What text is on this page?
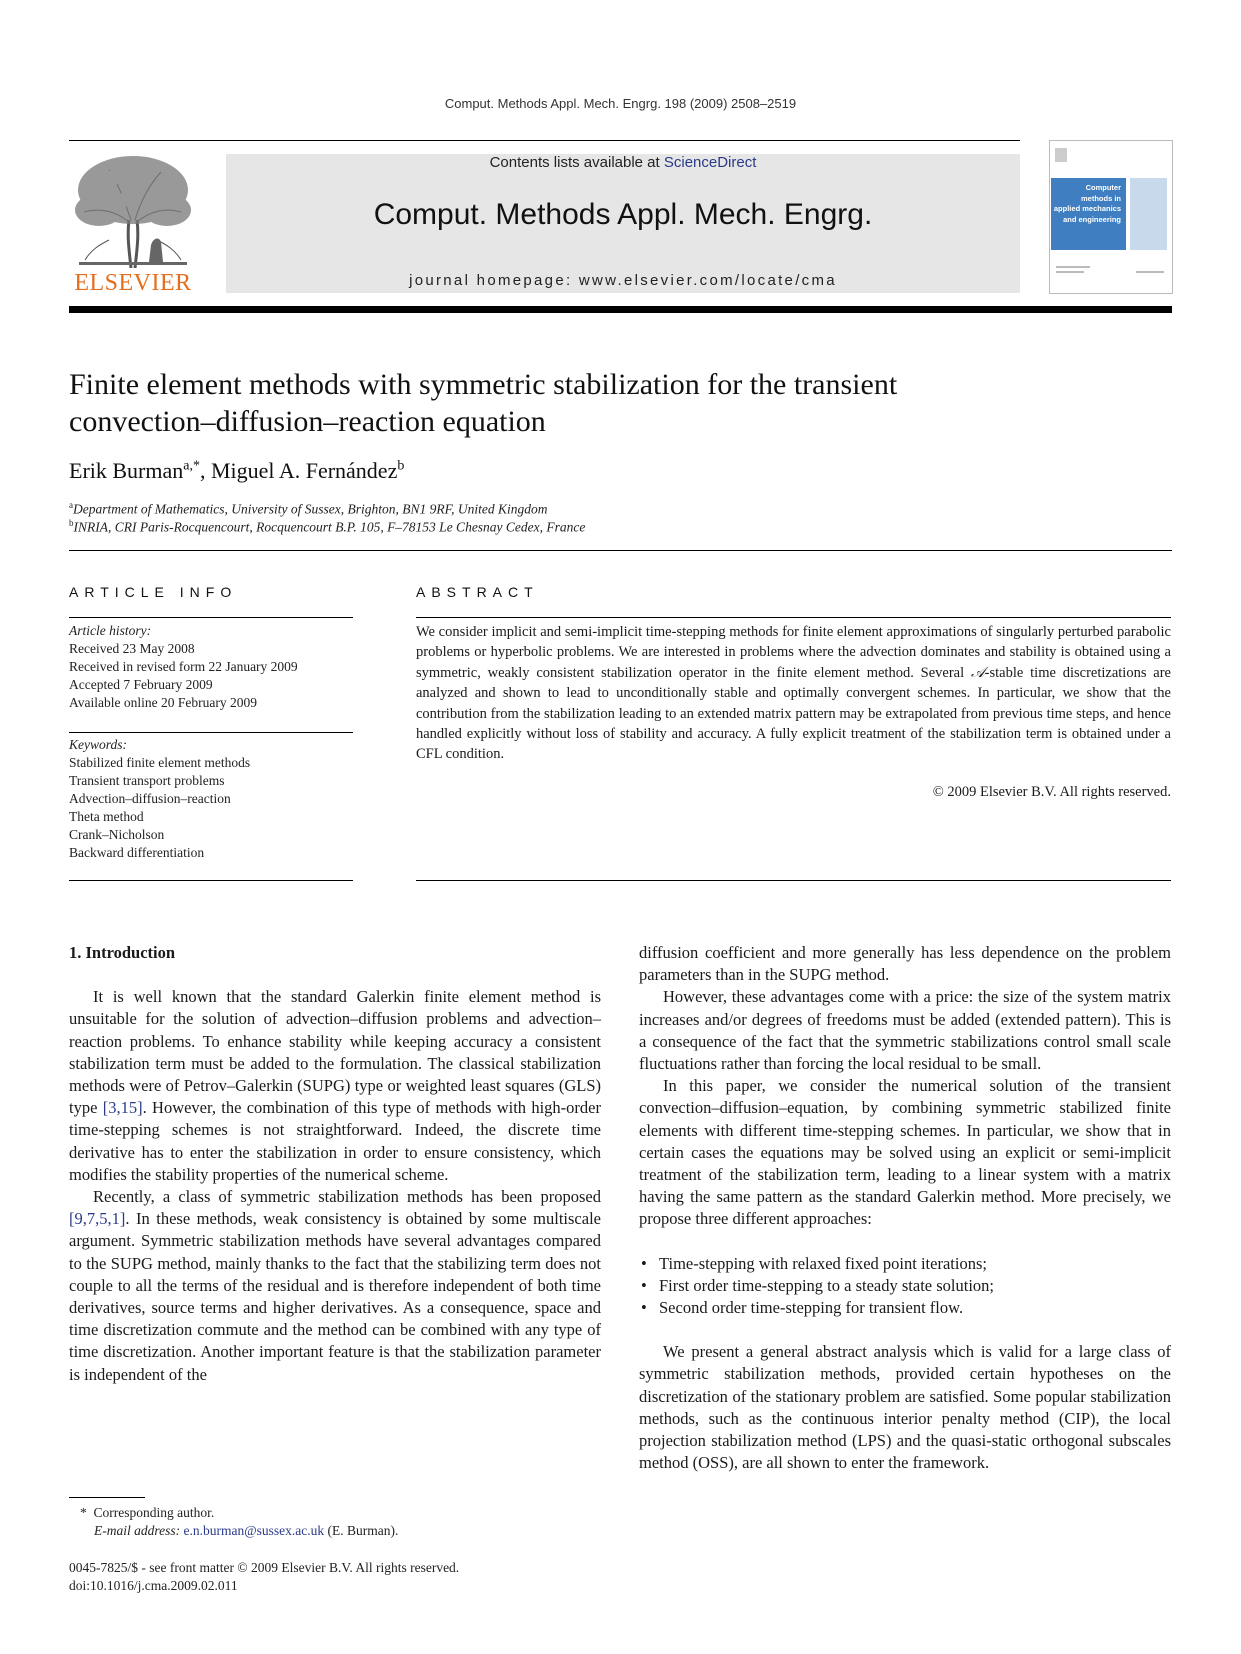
Comput. Methods Appl. Mech. Engrg. 198 (2009) 2508–2519
ELSEVIER
Contents lists available at ScienceDirect
Comput. Methods Appl. Mech. Engrg.
journal homepage: www.elsevier.com/locate/cma
Computer methods in applied mechanics and engineering
Finite element methods with symmetric stabilization for the transient
convection–diffusion–reaction equation
Erik Burman$^{a,*}$, Miguel A. Fernández$^b$
$^a$Department of Mathematics, University of Sussex, Brighton, BN1 9RF, United Kingdom
$^b$INRIA, CRI Paris-Rocquencourt, Rocquencourt B.P. 105, F–78153 Le Chesnay Cedex, France
ARTICLE INFO
Article history:
Received 23 May 2008
Received in revised form 22 January 2009
Accepted 7 February 2009
Available online 20 February 2009
Keywords:
Stabilized finite element methods
Transient transport problems
Advection–diffusion–reaction
Theta method
Crank–Nicholson
Backward differentiation
ABSTRACT
We consider implicit and semi-implicit time-stepping methods for finite element approximations of singularly perturbed parabolic problems or hyperbolic problems. We are interested in problems where the advection dominates and stability is obtained using a symmetric, weakly consistent stabilization operator in the finite element method. Several 𝒜-stable time discretizations are analyzed and shown to lead to unconditionally stable and optimally convergent schemes. In particular, we show that the contribution from the stabilization leading to an extended matrix pattern may be extrapolated from previous time steps, and hence handled explicitly without loss of stability and accuracy. A fully explicit treatment of the stabilization term is obtained under a CFL condition.
© 2009 Elsevier B.V. All rights reserved.
1. Introduction

It is well known that the standard Galerkin finite element method is unsuitable for the solution of advection–diffusion problems and advection–reaction problems. To enhance stability while keeping accuracy a consistent stabilization term must be added to the formulation. The classical stabilization methods were of Petrov–Galerkin (SUPG) type or weighted least squares (GLS) type [3,15]. However, the combination of this type of methods with high-order time-stepping schemes is not straightforward. Indeed, the discrete time derivative has to enter the stabilization in order to ensure consistency, which modifies the stability properties of the numerical scheme.

Recently, a class of symmetric stabilization methods has been proposed [9,7,5,1]. In these methods, weak consistency is obtained by some multiscale argument. Symmetric stabilization methods have several advantages compared to the SUPG method, mainly thanks to the fact that the stabilizing term does not couple to all the terms of the residual and is therefore independent of both time derivatives, source terms and higher derivatives. As a consequence, space and time discretization commute and the method can be combined with any type of time discretization. Another important feature is that the stabilization parameter is independent of the

diffusion coefficient and more generally has less dependence on the problem parameters than in the SUPG method.

However, these advantages come with a price: the size of the system matrix increases and/or degrees of freedoms must be added (extended pattern). This is a consequence of the fact that the symmetric stabilizations control small scale fluctuations rather than forcing the local residual to be small.

In this paper, we consider the numerical solution of the transient convection–diffusion–equation, by combining symmetric stabilized finite elements with different time-stepping schemes. In particular, we show that in certain cases the equations may be solved using an explicit or semi-implicit treatment of the stabilization term, leading to a linear system with a matrix having the same pattern as the standard Galerkin method. More precisely, we propose three different approaches:

• Time-stepping with relaxed fixed point iterations;
• First order time-stepping to a steady state solution;
• Second order time-stepping for transient flow.

We present a general abstract analysis which is valid for a large class of symmetric stabilization methods, provided certain hypotheses on the discretization of the stationary problem are satisfied. Some popular stabilization methods, such as the continuous interior penalty method (CIP), the local projection stabilization method (LPS) and the quasi-static orthogonal subscales method (OSS), are all shown to enter the framework.

* Corresponding author.
E-mail address: e.n.burman@sussex.ac.uk (E. Burman).
0045-7825/$ - see front matter © 2009 Elsevier B.V. All rights reserved.
doi:10.1016/j.cma.2009.02.011
